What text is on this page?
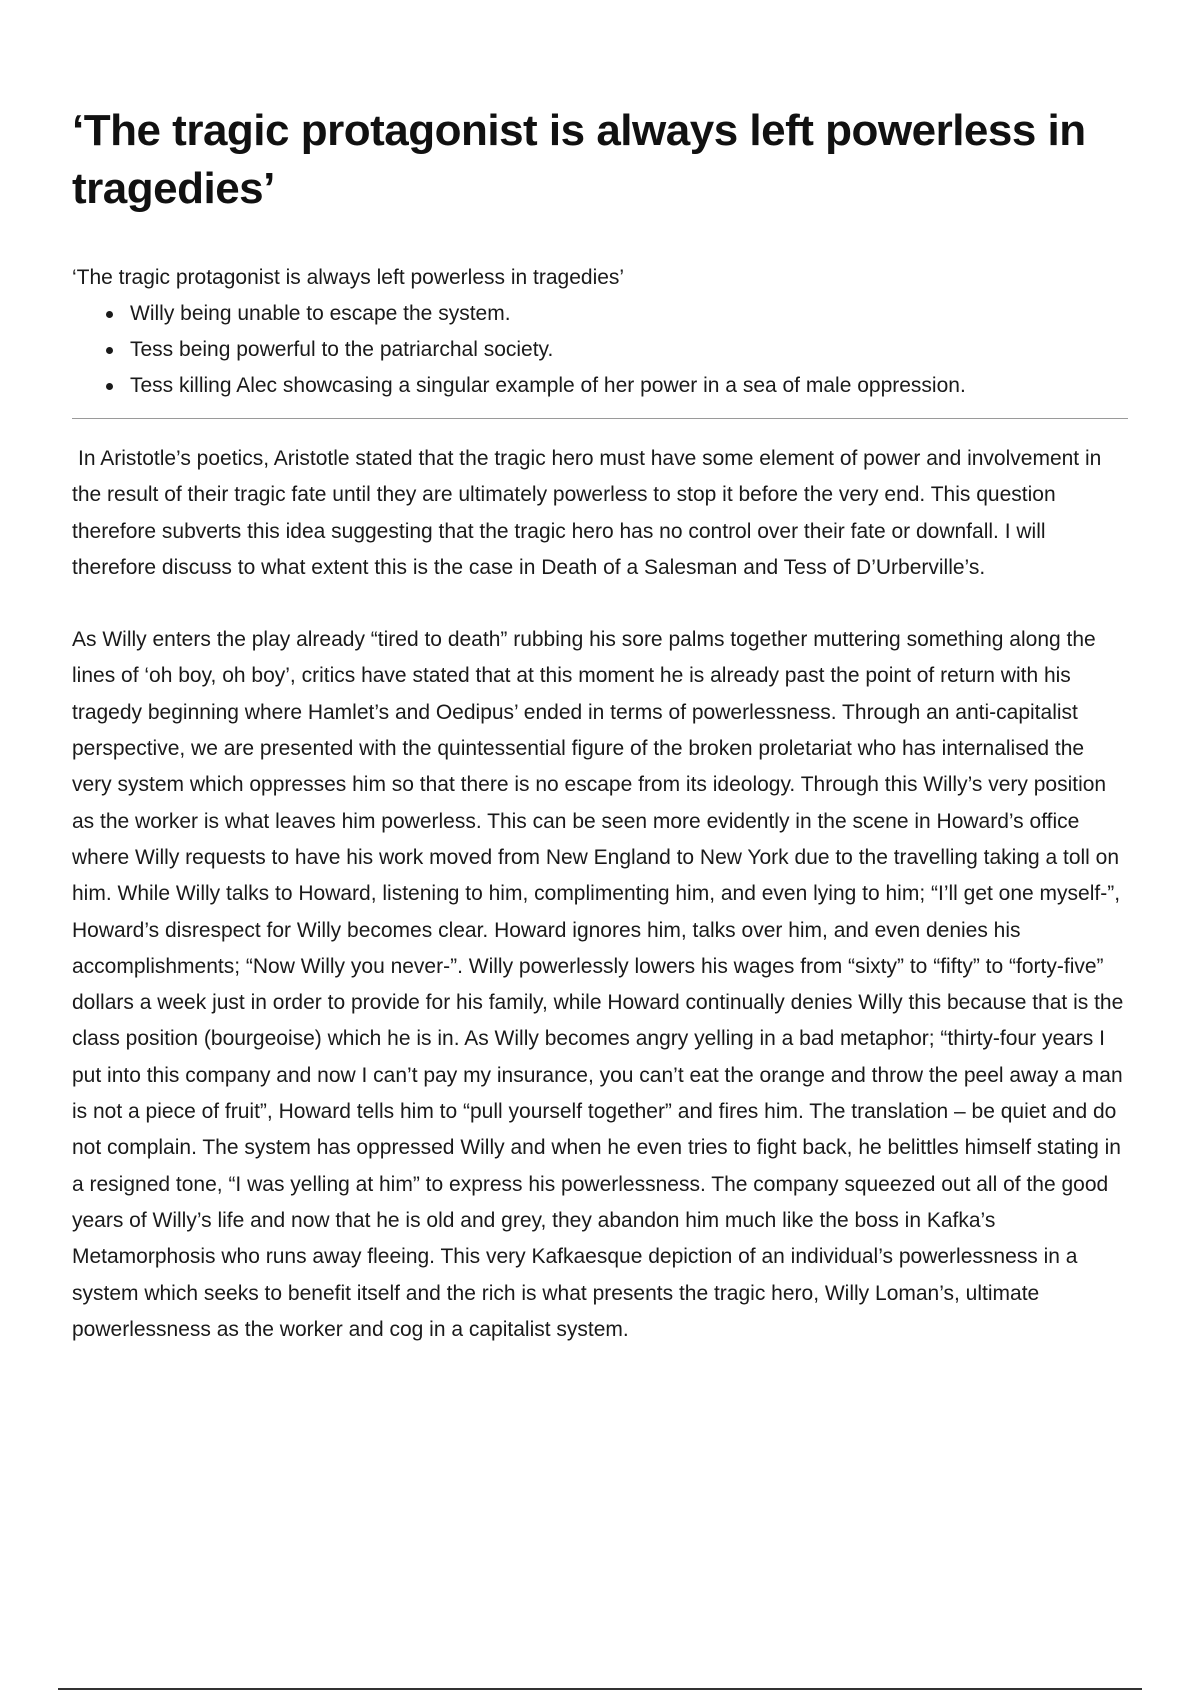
‘The tragic protagonist is always left powerless in tragedies’
‘The tragic protagonist is always left powerless in tragedies’
Willy being unable to escape the system.
Tess being powerful to the patriarchal society.
Tess killing Alec showcasing a singular example of her power in a sea of male oppression.

In Aristotle’s poetics, Aristotle stated that the tragic hero must have some element of power and involvement in the result of their tragic fate until they are ultimately powerless to stop it before the very end. This question therefore subverts this idea suggesting that the tragic hero has no control over their fate or downfall. I will therefore discuss to what extent this is the case in Death of a Salesman and Tess of D’Urberville’s.

As Willy enters the play already “tired to death” rubbing his sore palms together muttering something along the lines of ‘oh boy, oh boy’, critics have stated that at this moment he is already past the point of return with his tragedy beginning where Hamlet’s and Oedipus’ ended in terms of powerlessness. Through an anti-capitalist perspective, we are presented with the quintessential figure of the broken proletariat who has internalised the very system which oppresses him so that there is no escape from its ideology. Through this Willy’s very position as the worker is what leaves him powerless. This can be seen more evidently in the scene in Howard’s office where Willy requests to have his work moved from New England to New York due to the travelling taking a toll on him. While Willy talks to Howard, listening to him, complimenting him, and even lying to him; “I’ll get one myself-”, Howard’s disrespect for Willy becomes clear. Howard ignores him, talks over him, and even denies his accomplishments; “Now Willy you never-”. Willy powerlessly lowers his wages from “sixty” to “fifty” to “forty-five” dollars a week just in order to provide for his family, while Howard continually denies Willy this because that is the class position (bourgeoise) which he is in. As Willy becomes angry yelling in a bad metaphor; “thirty-four years I put into this company and now I can’t pay my insurance, you can’t eat the orange and throw the peel away a man is not a piece of fruit”, Howard tells him to “pull yourself together” and fires him. The translation – be quiet and do not complain. The system has oppressed Willy and when he even tries to fight back, he belittles himself stating in a resigned tone, “I was yelling at him” to express his powerlessness. The company squeezed out all of the good years of Willy’s life and now that he is old and grey, they abandon him much like the boss in Kafka’s Metamorphosis who runs away fleeing. This very Kafkaesque depiction of an individual’s powerlessness in a system which seeks to benefit itself and the rich is what presents the tragic hero, Willy Loman’s, ultimate powerlessness as the worker and cog in a capitalist system.
